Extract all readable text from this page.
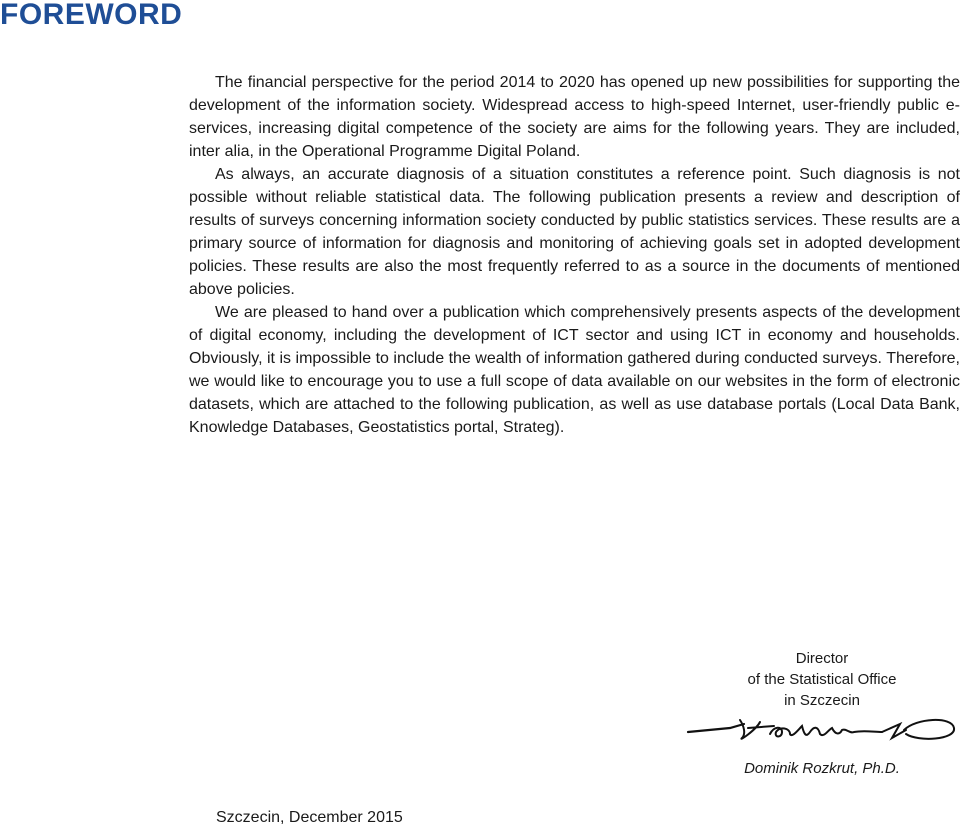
FOREWORD

The financial perspective for the period 2014 to 2020 has opened up new possibilities for supporting the development of the information society. Widespread access to high-speed Internet, user-friendly public e-services, increasing digital competence of the society are aims for the following years. They are included, inter alia, in the Operational Programme Digital Poland.

As always, an accurate diagnosis of a situation constitutes a reference point. Such diagnosis is not possible without reliable statistical data. The following publication presents a review and description of results of surveys concerning information society conducted by public statistics services. These results are a primary source of information for diagnosis and monitoring of achieving goals set in adopted development policies. These results are also the most frequently referred to as a source in the documents of mentioned above policies.

We are pleased to hand over a publication which comprehensively presents aspects of the development of digital economy, including the development of ICT sector and using ICT in economy and households. Obviously, it is impossible to include the wealth of information gathered during conducted surveys. Therefore, we would like to encourage you to use a full scope of data available on our websites in the form of electronic datasets, which are attached to the following publication, as well as use database portals (Local Data Bank, Knowledge Databases, Geostatistics portal, Strateg).

Director
of the Statistical Office
in Szczecin
Dominik Rozkrut, Ph.D.
Szczecin, December 2015
